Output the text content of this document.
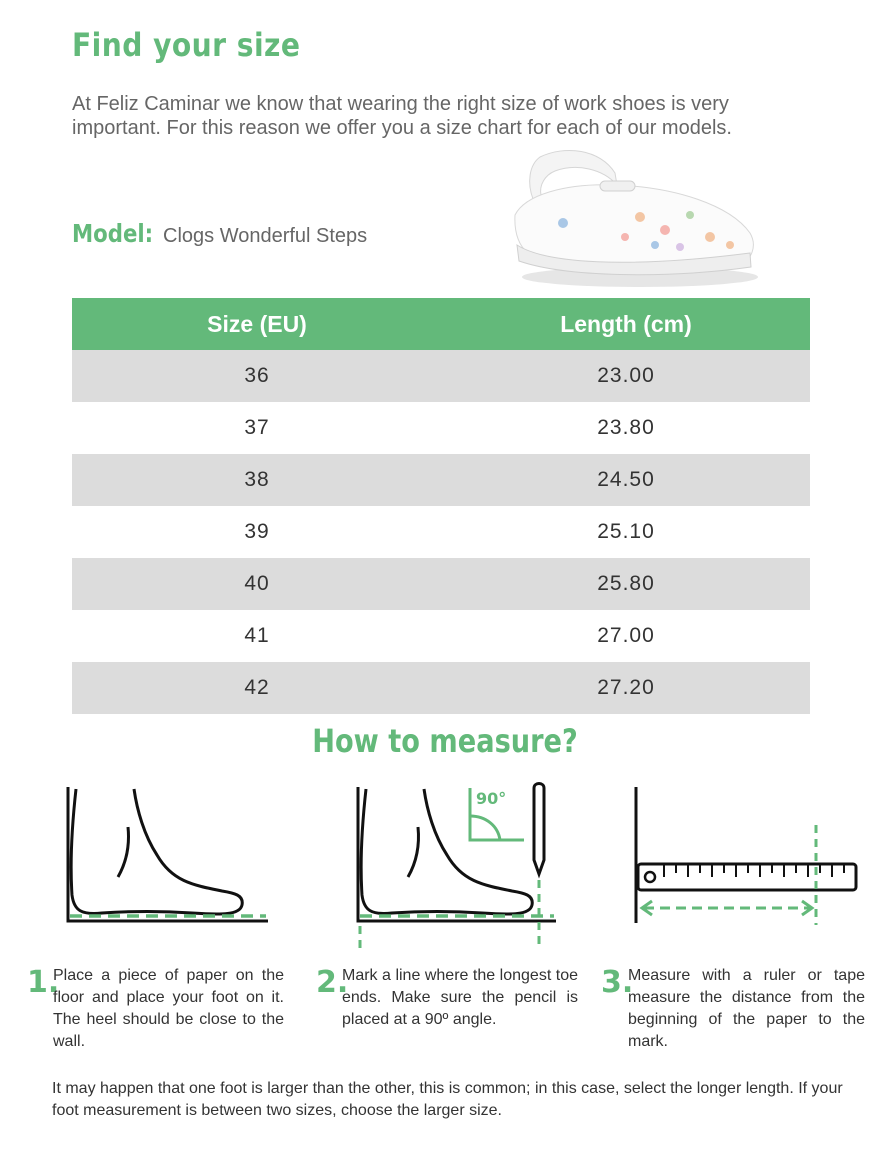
Find your size

At Feliz Caminar we know that wearing the right size of work shoes is very important. For this reason we offer you a size chart for each of our models.

Model: Clogs Wonderful Steps
Size (EU)	Length (cm)
36	23.00
37	23.80
38	24.50
39	25.10
40	25.80
41	27.00
42	27.20
How to measure?
90°
1.

Place a piece of paper on the floor and place your foot on it. The heel should be close to the wall.

2.

Mark a line where the longest toe ends. Make sure the pencil is placed at a 90º angle.

3.

Measure with a ruler or tape measure the distance from the beginning of the paper to the mark.

It may happen that one foot is larger than the other, this is common; in this case, select the longer length. If your foot measurement is between two sizes, choose the larger size.
